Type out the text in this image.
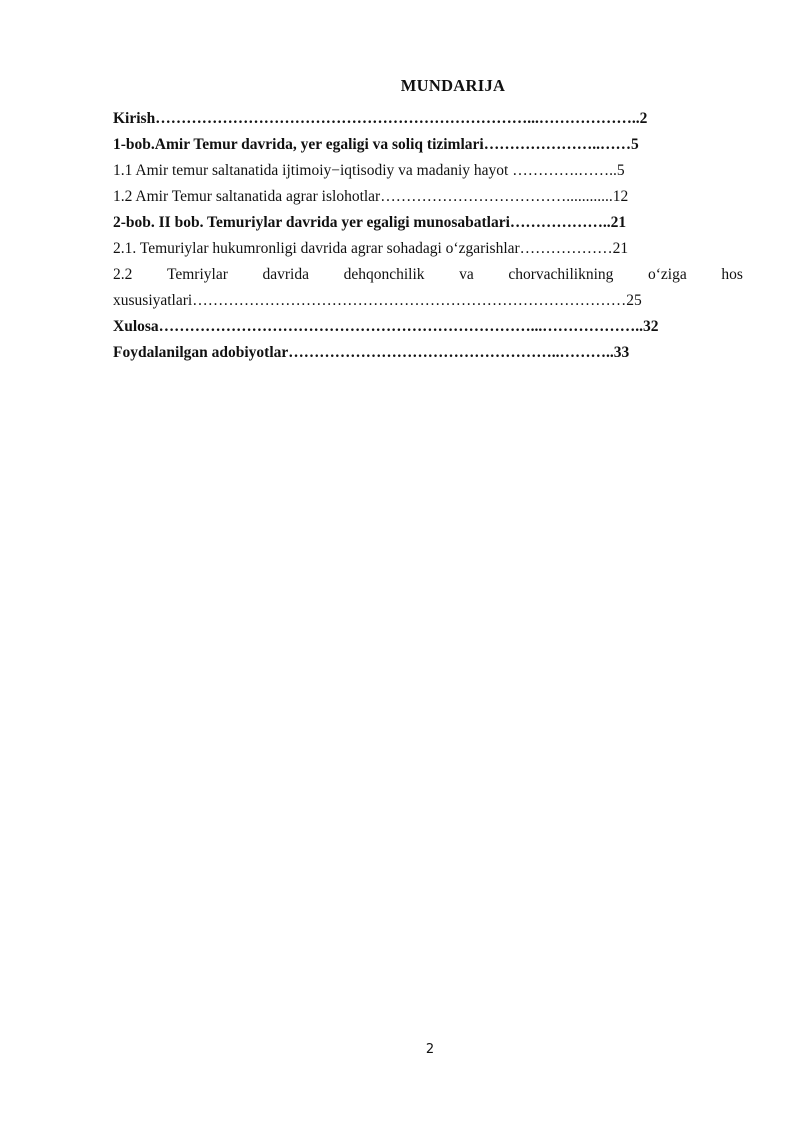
MUNDARIJA
Kirish………………………………………………………………...………………..2
1-bob.Amir Temur davrida, yer egaligi va soliq tizimlari…………………..……5
1.1 Amir temur saltanatida ijtimoiy−iqtisodiy va madaniy hayot ………….……..5
1.2 Amir Temur saltanatida agrar islohotlar………………………………............12
2-bob. II bob. Temuriylar davrida yer egaligi munosabatlari………………..21
2.1. Temuriylar hukumronligi davrida agrar sohadagi o‘zgarishlar………………21
2.2 Temriylar davrida dehqonchilik va chorvachilikning o‘ziga hos
xususiyatlari…………………………………………………………………………25
Xulosa………………………………………………………………...………………..32
Foydalanilgan adobiyotlar……………………………………………..………..33
2
